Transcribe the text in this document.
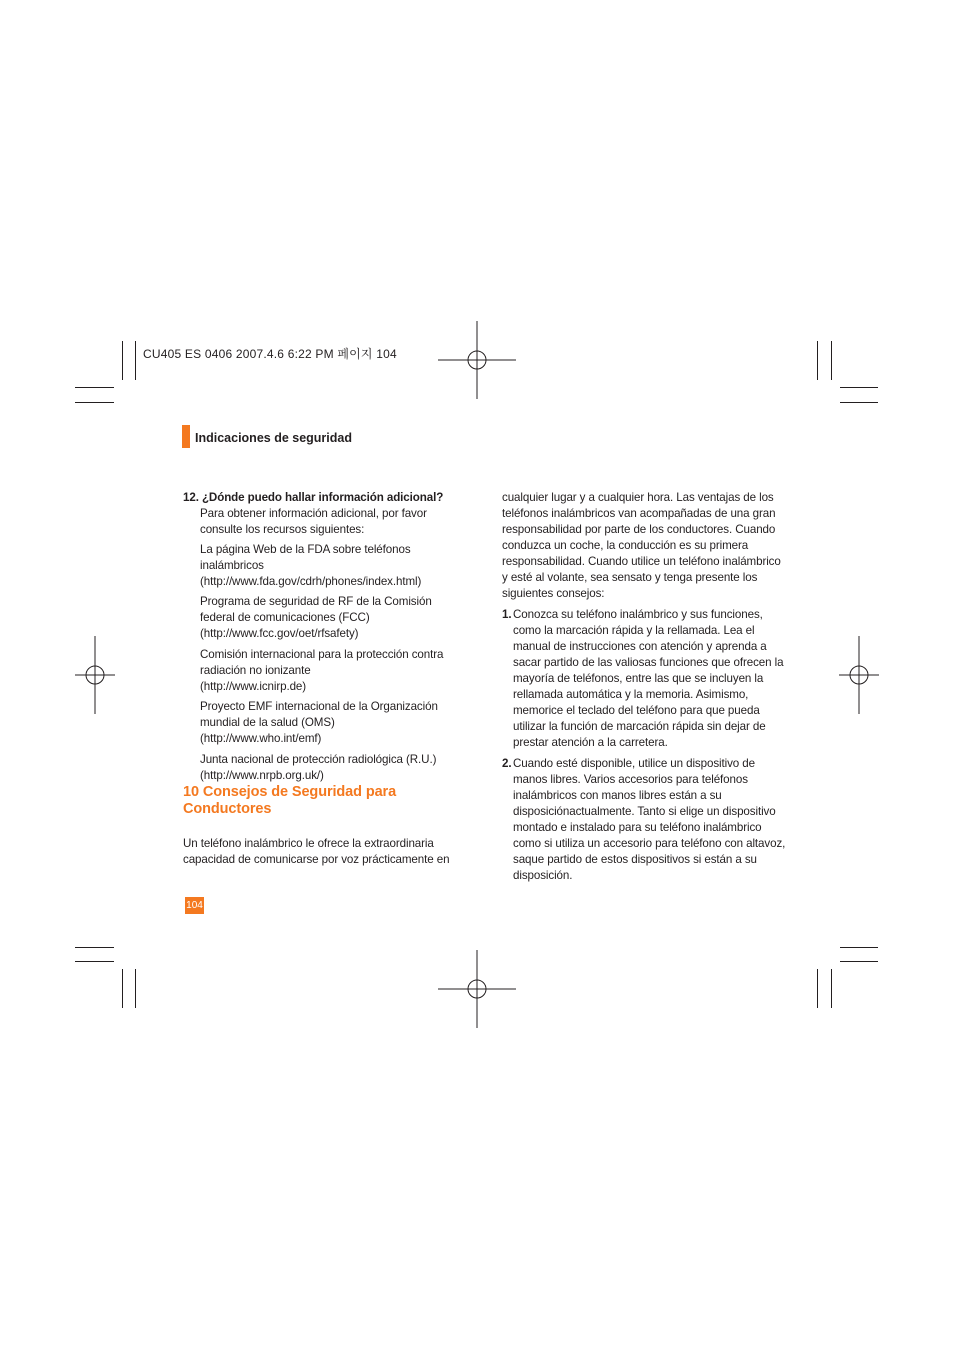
CU405 ES 0406 2007.4.6 6:22 PM 페이지 104
Indicaciones de seguridad

12. ¿Dónde puedo hallar información adicional?

Para obtener información adicional, por favor consulte los recursos siguientes:

La página Web de la FDA sobre teléfonos inalámbricos

(http://www.fda.gov/cdrh/phones/index.html)

Programa de seguridad de RF de la Comisión federal de comunicaciones (FCC)

(http://www.fcc.gov/oet/rfsafety)

Comisión internacional para la protección contra radiación no ionizante

(http://www.icnirp.de)

Proyecto EMF internacional de la Organización mundial de la salud (OMS)

(http://www.who.int/emf)

Junta nacional de protección radiológica (R.U.)

(http://www.nrpb.org.uk/)

10 Consejos de Seguridad para Conductores

Un teléfono inalámbrico le ofrece la extraordinaria capacidad de comunicarse por voz prácticamente en

cualquier lugar y a cualquier hora. Las ventajas de los teléfonos inalámbricos van acompañadas de una gran responsabilidad por parte de los conductores. Cuando conduzca un coche, la conducción es su primera responsabilidad. Cuando utilice un teléfono inalámbrico y esté al volante, sea sensato y tenga presente los siguientes consejos:

1. Conozca su teléfono inalámbrico y sus funciones, como la marcación rápida y la rellamada. Lea el manual de instrucciones con atención y aprenda a sacar partido de las valiosas funciones que ofrecen la mayoría de teléfonos, entre las que se incluyen la rellamada automática y la memoria. Asimismo, memorice el teclado del teléfono para que pueda utilizar la función de marcación rápida sin dejar de prestar atención a la carretera.

2. Cuando esté disponible, utilice un dispositivo de manos libres. Varios accesorios para teléfonos inalámbricos con manos libres están a su disposiciónactualmente. Tanto si elige un dispositivo montado e instalado para su teléfono inalámbrico como si utiliza un accesorio para teléfono con altavoz, saque partido de estos dispositivos si están a su disposición.

104
